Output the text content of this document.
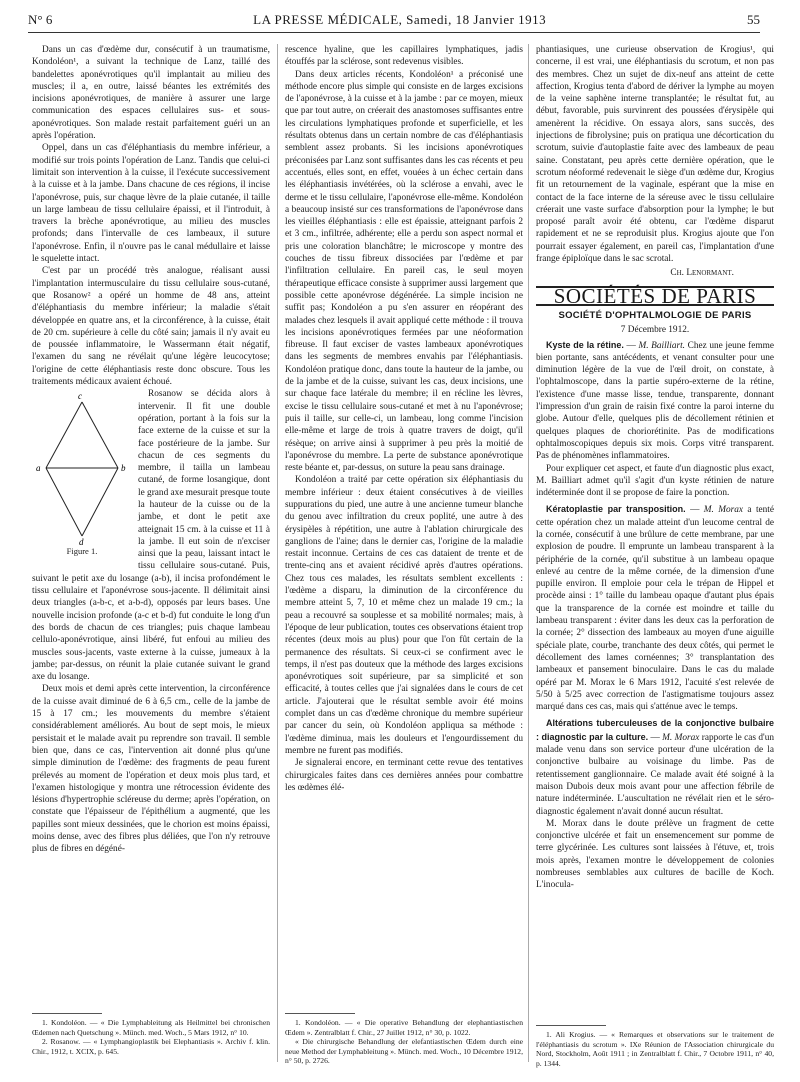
N° 6	LA PRESSE MÉDICALE, Samedi, 18 Janvier 1913	55

Dans un cas d'œdème dur, consécutif à un traumatisme, Kondoléon¹, a suivant la technique de Lanz, taillé des bandelettes aponévrotiques qu'il implantait au milieu des muscles; il a, en outre, laissé béantes les extrémités des incisions aponévrotiques, de manière à assurer une large communication des espaces cellulaires sus- et sous-aponévrotiques. Son malade restait parfaitement guéri un an après l'opération.

Oppel, dans un cas d'éléphantiasis du membre inférieur, a modifié sur trois points l'opération de Lanz. Tandis que celui-ci limitait son intervention à la cuisse, il l'exécute successivement à la cuisse et à la jambe. Dans chacune de ces régions, il incise l'aponévrose, puis, sur chaque lèvre de la plaie cutanée, il taille un large lambeau de tissu cellulaire épaissi, et il l'introduit, à travers la brèche aponévrotique, au milieu des muscles profonds; dans l'intervalle de ces lambeaux, il suture l'aponévrose. Enfin, il n'ouvre pas le canal médullaire et laisse le squelette intact.

C'est par un procédé très analogue, réalisant aussi l'implantation intermusculaire du tissu cellulaire sous-cutané, que Rosanow² a opéré un homme de 48 ans, atteint d'éléphantiasis du membre inférieur; la maladie s'était développée en quatre ans, et la circonférence, à la cuisse, était de 20 cm. supérieure à celle du côté sain; jamais il n'y avait eu de poussée inflammatoire, le Wassermann était négatif, l'examen du sang ne révélait qu'une légère leucocytose; l'origine de cette éléphantiasis reste donc obscure. Tous les traitements médicaux avaient échoué.

c
a	b
d
Figure 1.

Rosanow se décida alors à intervenir. Il fit une double opération, portant à la fois sur la face externe de la cuisse et sur la face postérieure de la jambe. Sur chacun de ces segments du membre, il tailla un lambeau cutané, de forme losangique, dont le grand axe mesurait presque toute la hauteur de la cuisse ou de la jambe, et dont le petit axe atteignait 15 cm. à la cuisse et 11 à la jambe. Il eut soin de n'exciser ainsi que la peau, laissant intact le tissu cellulaire sous-cutané. Puis, suivant le petit axe du losange (a-b), il incisa profondément le tissu cellulaire et l'aponévrose sous-jacente. Il délimitait ainsi deux triangles (a-b-c, et a-b-d), opposés par leurs bases. Une nouvelle incision profonde (a-c et b-d) fut conduite le long d'un des bords de chacun de ces triangles; puis chaque lambeau cellulo-aponévrotique, ainsi libéré, fut enfoui au milieu des muscles sous-jacents, vaste externe à la cuisse, jumeaux à la jambe; par-dessus, on réunit la plaie cutanée suivant le grand axe du losange.

Deux mois et demi après cette intervention, la circonférence de la cuisse avait diminué de 6 à 6,5 cm., celle de la jambe de 15 à 17 cm.; les mouvements du membre s'étaient considérablement améliorés. Au bout de sept mois, le mieux persistait et le malade avait pu reprendre son travail. Il semble bien que, dans ce cas, l'intervention ait donné plus qu'une simple diminution de l'œdème: des fragments de peau furent prélevés au moment de l'opération et deux mois plus tard, et l'examen histologique y montra une rétrocession évidente des lésions d'hypertrophie scléreuse du derme; après l'opération, on constate que l'épaisseur de l'épithélium a augmenté, que les papilles sont mieux dessinées, que le chorion est moins épaissi, moins dense, avec des fibres plus déliées, que l'on n'y retrouve plus de fibres en dégéné-

1. Kondoléon. — « Die Lymphableitung als Heilmittel bei chronischen Œdemen nach Quetschung ». Münch. med. Woch., 5 Mars 1912, n° 10.

2. Rosanow. — « Lymphangioplastik bei Elephantiasis ». Archiv f. klin. Chir., 1912, t. XCIX, p. 645.

rescence hyaline, que les capillaires lymphatiques, jadis étouffés par la sclérose, sont redevenus visibles.

Dans deux articles récents, Kondoléon¹ a préconisé une méthode encore plus simple qui consiste en de larges excisions de l'aponévrose, à la cuisse et à la jambe : par ce moyen, mieux que par tout autre, on créerait des anastomoses suffisantes entre les circulations lymphatiques profonde et superficielle, et les résultats obtenus dans un certain nombre de cas d'éléphantiasis semblent assez probants. Si les incisions aponévrotiques préconisées par Lanz sont suffisantes dans les cas récents et peu accentués, elles sont, en effet, vouées à un échec certain dans les éléphantiasis invétérées, où la sclérose a envahi, avec le derme et le tissu cellulaire, l'aponévrose elle-même. Kondoléon a beaucoup insisté sur ces transformations de l'aponévrose dans les vieilles éléphantiasis : elle est épaissie, atteignant parfois 2 et 3 cm., infiltrée, adhérente; elle a perdu son aspect normal et pris une coloration blanchâtre; le microscope y montre des couches de tissu fibreux dissociées par l'œdème et par l'infiltration cellulaire. En pareil cas, le seul moyen thérapeutique efficace consiste à supprimer aussi largement que possible cette aponévrose dégénérée. La simple incision ne suffit pas; Kondoléon a pu s'en assurer en réopérant des malades chez lesquels il avait appliqué cette méthode : il trouva les incisions aponévrotiques fermées par une néoformation fibreuse. Il faut exciser de vastes lambeaux aponévrotiques dans les segments de membres envahis par l'éléphantiasis. Kondoléon pratique donc, dans toute la hauteur de la jambe, ou de la jambe et de la cuisse, suivant les cas, deux incisions, une sur chaque face latérale du membre; il en récline les lèvres, excise le tissu cellulaire sous-cutané et met à nu l'aponévrose; puis il taille, sur celle-ci, un lambeau, long comme l'incision elle-même et large de trois à quatre travers de doigt, qu'il résèque; on arrive ainsi à supprimer à peu près la moitié de l'aponévrose du membre. La perte de substance aponévrotique reste béante et, par-dessus, on suture la peau sans drainage.

Kondoléon a traité par cette opération six éléphantiasis du membre inférieur : deux étaient consécutives à de vieilles suppurations du pied, une autre à une ancienne tumeur blanche du genou avec infiltration du creux poplité, une autre à des érysipèles à répétition, une autre à l'ablation chirurgicale des ganglions de l'aine; dans le dernier cas, l'origine de la maladie restait inconnue. Certains de ces cas dataient de trente et de trente-cinq ans et avaient récidivé après d'autres opérations. Chez tous ces malades, les résultats semblent excellents : l'œdème a disparu, la diminution de la circonférence du membre atteint 5, 7, 10 et même chez un malade 19 cm.; la peau a recouvré sa souplesse et sa mobilité normales; mais, à l'époque de leur publication, toutes ces observations étaient trop récentes (deux mois au plus) pour que l'on fût certain de la permanence des résultats. Si ceux-ci se confirment avec le temps, il n'est pas douteux que la méthode des larges excisions aponévrotiques soit supérieure, par sa simplicité et son efficacité, à toutes celles que j'ai signalées dans le cours de cet article. J'ajouterai que le résultat semble avoir été moins complet dans un cas d'œdème chronique du membre supérieur par cancer du sein, où Kondoléon appliqua sa méthode : l'œdème diminua, mais les douleurs et l'engourdissement du membre ne furent pas modifiés.

Je signalerai encore, en terminant cette revue des tentatives chirurgicales faites dans ces dernières années pour combattre les œdèmes élé-

1. Kondoléon. — « Die operative Behandlung der elephantiastischen Œdem ». Zentralblatt f. Chir., 27 Juillet 1912, n° 30, p. 1022.

« Die chirurgische Behandlung der elefantiastischen Œdem durch eine neue Method der Lymphableitung ». Münch. med. Woch., 10 Décembre 1912, n° 50, p. 2726.

phantiasiques, une curieuse observation de Krogius¹, qui concerne, il est vrai, une éléphantiasis du scrotum, et non pas des membres. Chez un sujet de dix-neuf ans atteint de cette affection, Krogius tenta d'abord de dériver la lymphe au moyen de la veine saphène interne transplantée; le résultat fut, au début, favorable, puis survinrent des poussées d'érysipèle qui amenèrent la récidive. On essaya alors, sans succès, des injections de fibrolysine; puis on pratiqua une décortication du scrotum, suivie d'autoplastie faite avec des lambeaux de peau saine. Constatant, peu après cette dernière opération, que le scrotum néoformé redevenait le siège d'un œdème dur, Krogius fit un retournement de la vaginale, espérant que la mise en contact de la face interne de la séreuse avec le tissu cellulaire créerait une vaste surface d'absorption pour la lymphe; le but proposé paraît avoir été obtenu, car l'œdème disparut rapidement et ne se reproduisit plus. Krogius ajoute que l'on pourrait essayer également, en pareil cas, l'implantation d'une frange épiploïque dans le sac scrotal.

Ch. Lenormant.
SOCIÉTÉS DE PARIS
SOCIÉTÉ D'OPHTALMOLOGIE DE PARIS
7 Décembre 1912.

Kyste de la rétine. — M. Bailliart. Chez une jeune femme bien portante, sans antécédents, et venant consulter pour une diminution légère de la vue de l'œil droit, on constate, à l'ophtalmoscope, dans la partie supéro-externe de la rétine, l'existence d'une masse lisse, tendue, transparente, donnant l'impression d'un grain de raisin fixé contre la paroi interne du globe. Autour d'elle, quelques plis de décollement rétinien et quelques plaques de choriorétinite. Pas de modifications ophtalmoscopiques depuis six mois. Corps vitré transparent. Pas de phénomènes inflammatoires.

Pour expliquer cet aspect, et faute d'un diagnostic plus exact, M. Bailliart admet qu'il s'agit d'un kyste rétinien de nature indéterminée dont il se propose de faire la ponction.

Kératoplastie par transposition. — M. Morax a tenté cette opération chez un malade atteint d'un leucome central de la cornée, consécutif à une brûlure de cette membrane, par une explosion de poudre. Il emprunte un lambeau transparent à la périphérie de la cornée, qu'il substitue à un lambeau opaque enlevé au centre de la même cornée, de la dimension d'une pupille environ. Il emploie pour cela le trépan de Hippel et procède ainsi : 1° taille du lambeau opaque d'autant plus épais que la transparence de la cornée est moindre et taille du lambeau transparent : éviter dans les deux cas la perforation de la cornée; 2° dissection des lambeaux au moyen d'une aiguille spéciale plate, courbe, tranchante des deux côtés, qui permet le décollement des lames cornéennes; 3° transplantation des lambeaux et pansement binoculaire. Dans le cas du malade opéré par M. Morax le 6 Mars 1912, l'acuité s'est relevée de 5/50 à 5/25 avec correction de l'astigmatisme toujours assez marqué dans ces cas, mais qui s'atténue avec le temps.

Altérations tuberculeuses de la conjonctive bulbaire : diagnostic par la culture. — M. Morax rapporte le cas d'un malade venu dans son service porteur d'une ulcération de la conjonctive bulbaire au voisinage du limbe. Pas de retentissement ganglionnaire. Ce malade avait été soigné à la maison Dubois deux mois avant pour une affection fébrile de nature indéterminée. L'auscultation ne révélait rien et le séro-diagnostic également n'avait donné aucun résultat.

M. Morax dans le doute prélève un fragment de cette conjonctive ulcérée et fait un ensemencement sur pomme de terre glycérinée. Les cultures sont laissées à l'étuve, et, trois mois après, l'examen montre le développement de colonies nombreuses semblables aux cultures de bacille de Koch. L'inocula-

1. Ali Krogius. — « Remarques et observations sur le traitement de l'éléphantiasis du scrotum ». IXe Réunion de l'Association chirurgicale du Nord, Stockholm, Août 1911 ; in Zentralblatt f. Chir., 7 Octobre 1911, n° 40, p. 1344.
